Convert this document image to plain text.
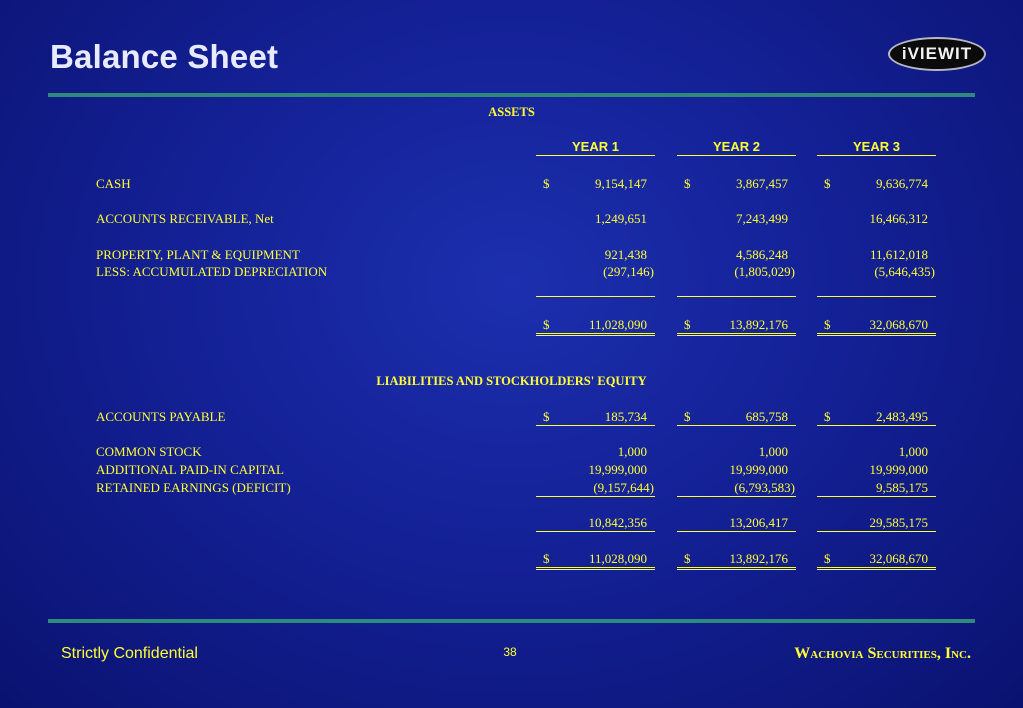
Balance Sheet	iVIEWIT
ASSETS
YEAR 1	YEAR 2	YEAR 3
CASH	$	9,154,147	$	3,867,457	$	9,636,774
ACCOUNTS RECEIVABLE, Net	1,249,651	7,243,499	16,466,312
PROPERTY, PLANT & EQUIPMENT	921,438	4,586,248	11,612,018
LESS: ACCUMULATED DEPRECIATION	(297,146)	(1,805,029)	(5,646,435)
$	11,028,090	$	13,892,176	$	32,068,670
LIABILITIES AND STOCKHOLDERS' EQUITY
ACCOUNTS PAYABLE	$	185,734	$	685,758	$	2,483,495
COMMON STOCK	1,000	1,000	1,000
ADDITIONAL PAID-IN CAPITAL	19,999,000	19,999,000	19,999,000
RETAINED EARNINGS (DEFICIT)	(9,157,644)	(6,793,583)	9,585,175
10,842,356	13,206,417	29,585,175
$	11,028,090	$	13,892,176	$	32,068,670
Strictly Confidential	38	Wachovia Securities, Inc.
